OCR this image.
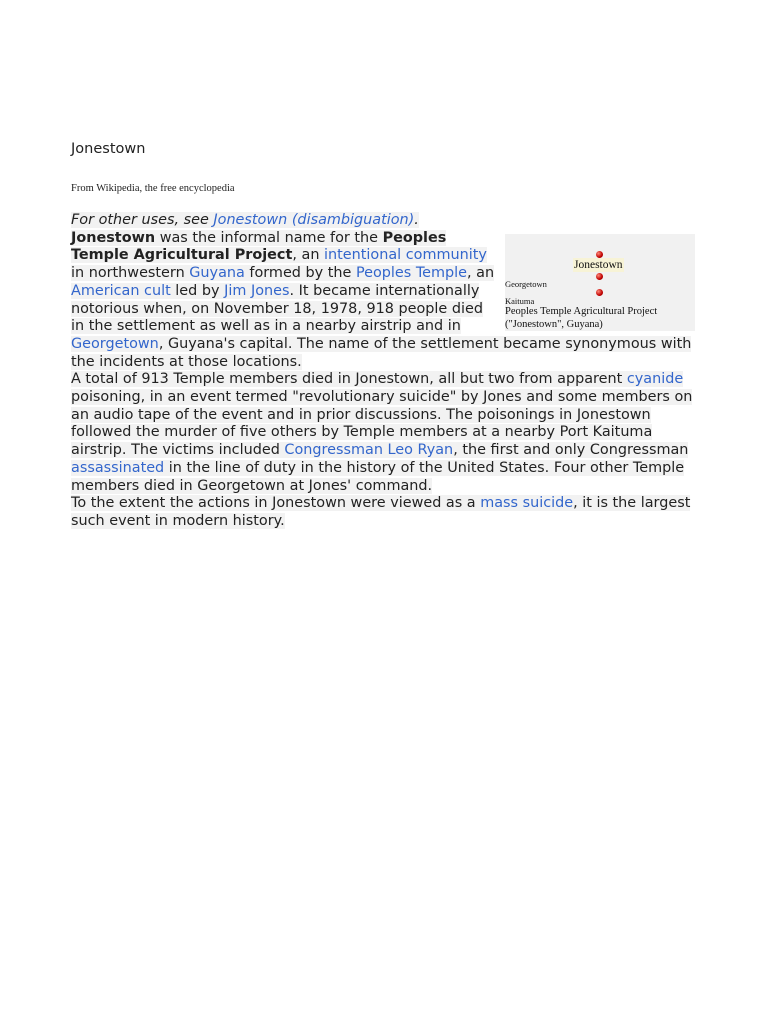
Jonestown
From Wikipedia, the free encyclopedia

For other uses, see Jonestown (disambiguation).

Jonestown
Georgetown
Kaituma
Peoples Temple Agricultural Project
("Jonestown", Guyana)

Jonestown was the informal name for the Peoples Temple Agricultural Project, an intentional community in northwestern Guyana formed by the Peoples Temple, an American cult led by Jim Jones. It became internationally notorious when, on November 18, 1978, 918 people died in the settlement as well as in a nearby airstrip and in Georgetown, Guyana's capital. The name of the settlement became synonymous with the incidents at those locations.

A total of 913 Temple members died in Jonestown, all but two from apparent cyanide poisoning, in an event termed "revolutionary suicide" by Jones and some members on an audio tape of the event and in prior discussions. The poisonings in Jonestown followed the murder of five others by Temple members at a nearby Port Kaituma airstrip. The victims included Congressman Leo Ryan, the first and only Congressman assassinated in the line of duty in the history of the United States. Four other Temple members died in Georgetown at Jones' command.

To the extent the actions in Jonestown were viewed as a mass suicide, it is the largest such event in modern history.
